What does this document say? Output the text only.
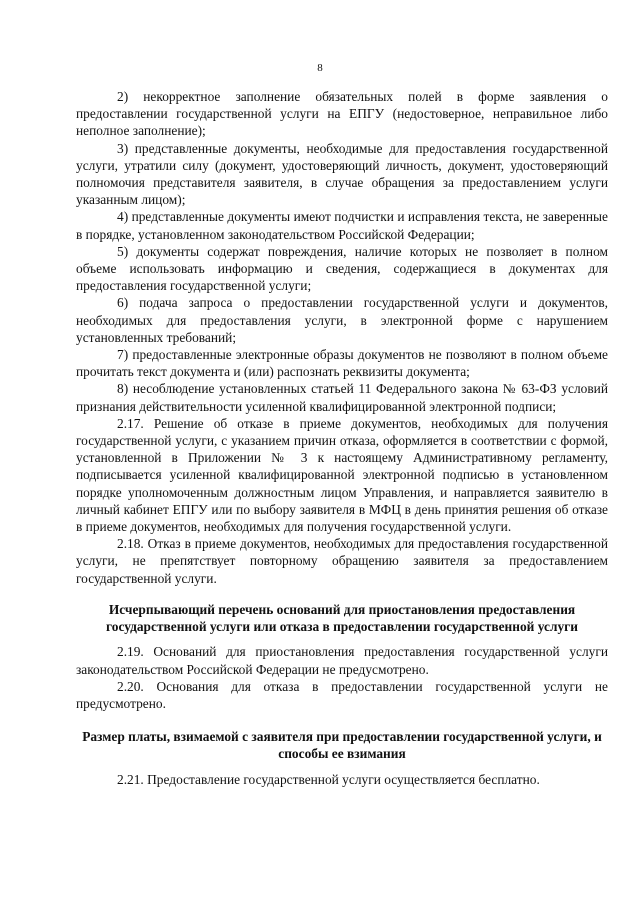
8

2) некорректное заполнение обязательных полей в форме заявления о предоставлении государственной услуги на ЕПГУ (недостоверное, неправильное либо неполное заполнение);

3) представленные документы, необходимые для предоставления государственной услуги, утратили силу (документ, удостоверяющий личность, документ, удостоверяющий полномочия представителя заявителя, в случае обращения за предоставлением услуги указанным лицом);

4) представленные документы имеют подчистки и исправления текста, не заверенные в порядке, установленном законодательством Российской Федерации;

5) документы содержат повреждения, наличие которых не позволяет в полном объеме использовать информацию и сведения, содержащиеся в документах для предоставления государственной услуги;

6) подача запроса о предоставлении государственной услуги и документов, необходимых для предоставления услуги, в электронной форме с нарушением установленных требований;

7) предоставленные электронные образы документов не позволяют в полном объеме прочитать текст документа и (или) распознать реквизиты документа;

8) несоблюдение установленных статьей 11 Федерального закона № 63-ФЗ условий признания действительности усиленной квалифицированной электронной подписи;

2.17. Решение об отказе в приеме документов, необходимых для получения государственной услуги, с указанием причин отказа, оформляется в соответствии с формой, установленной в Приложении № 3 к настоящему Административному регламенту, подписывается усиленной квалифицированной электронной подписью в установленном порядке уполномоченным должностным лицом Управления, и направляется заявителю в личный кабинет ЕПГУ или по выбору заявителя в МФЦ в день принятия решения об отказе в приеме документов, необходимых для получения государственной услуги.

2.18. Отказ в приеме документов, необходимых для предоставления государственной услуги, не препятствует повторному обращению заявителя за предоставлением государственной услуги.

Исчерпывающий перечень оснований для приостановления предоставления государственной услуги или отказа в предоставлении государственной услуги

2.19. Оснований для приостановления предоставления государственной услуги законодательством Российской Федерации не предусмотрено.

2.20. Основания для отказа в предоставлении государственной услуги не предусмотрено.

Размер платы, взимаемой с заявителя при предоставлении государственной услуги, и способы ее взимания

2.21. Предоставление государственной услуги осуществляется бесплатно.
